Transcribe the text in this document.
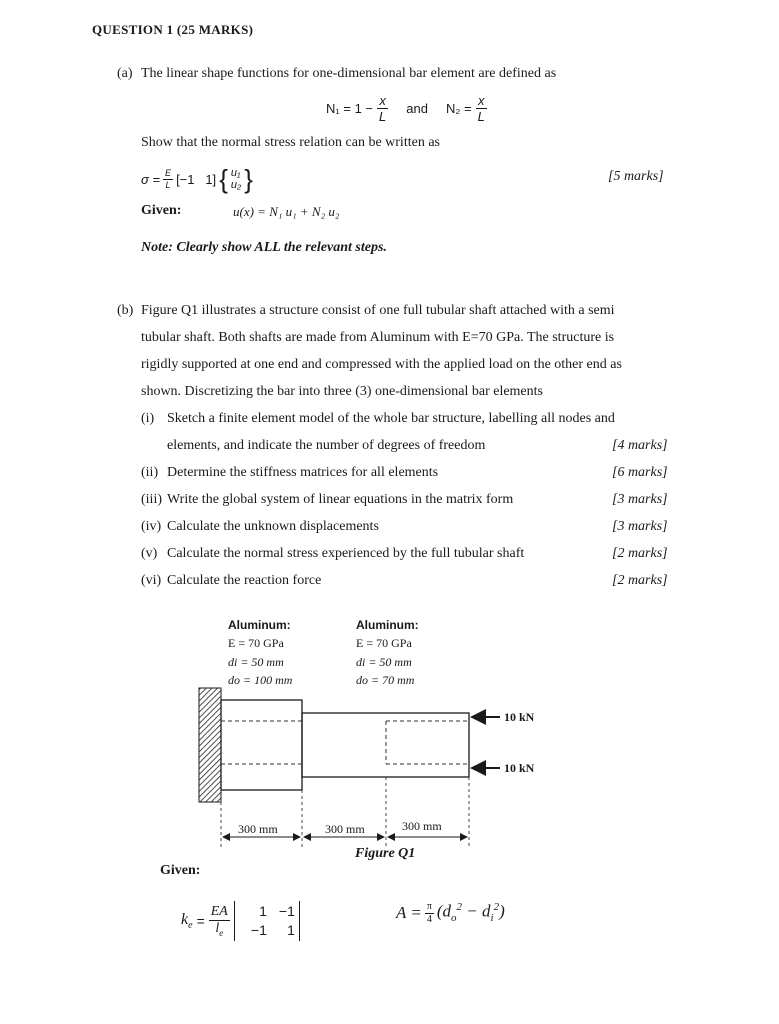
QUESTION 1 (25 MARKS)
(a) The linear shape functions for one-dimensional bar element are defined as
$N_1 = 1 - \frac{x}{L}$ and $N_2 = \frac{x}{L}$
Show that the normal stress relation can be written as
$\sigma = \frac{E}{L} [-1$   1] { u₁
u₂ }	[5 marks]
Given:	u(x) = N₁ u₁ + N₂ u₂
Note: Clearly show ALL the relevant steps.
(b) Figure Q1 illustrates a structure consist of one full tubular shaft attached with a semi
tubular shaft. Both shafts are made from Aluminum with E=70 GPa. The structure is
rigidly supported at one end and compressed with the applied load on the other end as
shown. Discretizing the bar into three (3) one-dimensional bar elements
(i) Sketch a finite element model of the whole bar structure, labelling all nodes and
elements, and indicate the number of degrees of freedom	[4 marks]
(ii) Determine the stiffness matrices for all elements	[6 marks]
(iii) Write the global system of linear equations in the matrix form	[3 marks]
(iv) Calculate the unknown displacements	[3 marks]
(v) Calculate the normal stress experienced by the full tubular shaft	[2 marks]
(vi) Calculate the reaction force	[2 marks]
Aluminum:
E = 70 GPa
di = 50 mm
do = 100 mm
Aluminum:
E = 70 GPa
di = 50 mm
do = 70 mm
10 kN
10 kN
300 mm	300 mm	300 mm
Figure Q1
Given:
$k_e = \frac{EA}{l_e}$	1 −1
−1	1
$A = \frac{\pi}{4} (d_o^2 - d_i^2)$
